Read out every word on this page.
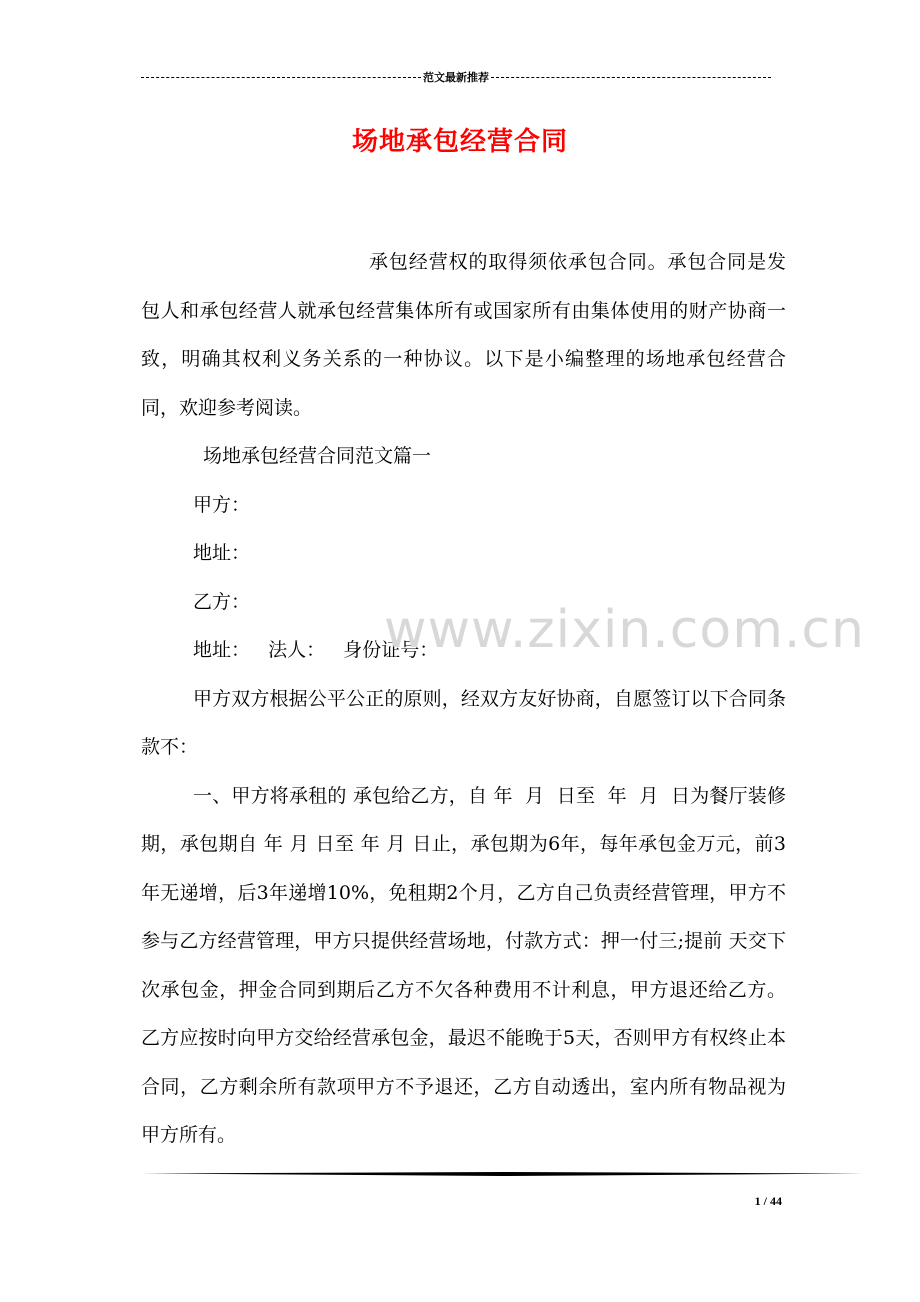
范文最新推荐
场地承包经营合同

承包经营权的取得须依承包合同。承包合同是发包人和承包经营人就承包经营集体所有或国家所有由集体使用的财产协商一致，明确其权利义务关系的一种协议。以下是小编整理的场地承包经营合同，欢迎参考阅读。

场地承包经营合同范文篇一

甲方：

地址：

乙方：

地址：   法人：   身份证号：

甲方双方根据公平公正的原则，经双方友好协商，自愿签订以下合同条款不：

一、甲方将承租的 承包给乙方，自 年  月  日至  年  月  日为餐厅装修期，承包期自 年 月 日至 年 月 日止，承包期为6年，每年承包金万元，前3年无递增，后3年递增10%，免租期2个月，乙方自己负责经营管理，甲方不参与乙方经营管理，甲方只提供经营场地，付款方式：押一付三;提前 天交下次承包金，押金合同到期后乙方不欠各种费用不计利息，甲方退还给乙方。乙方应按时向甲方交给经营承包金，最迟不能晚于5天，否则甲方有权终止本合同，乙方剩余所有款项甲方不予退还，乙方自动透出，室内所有物品视为甲方所有。

www.zixin.com.cn
1 / 44
